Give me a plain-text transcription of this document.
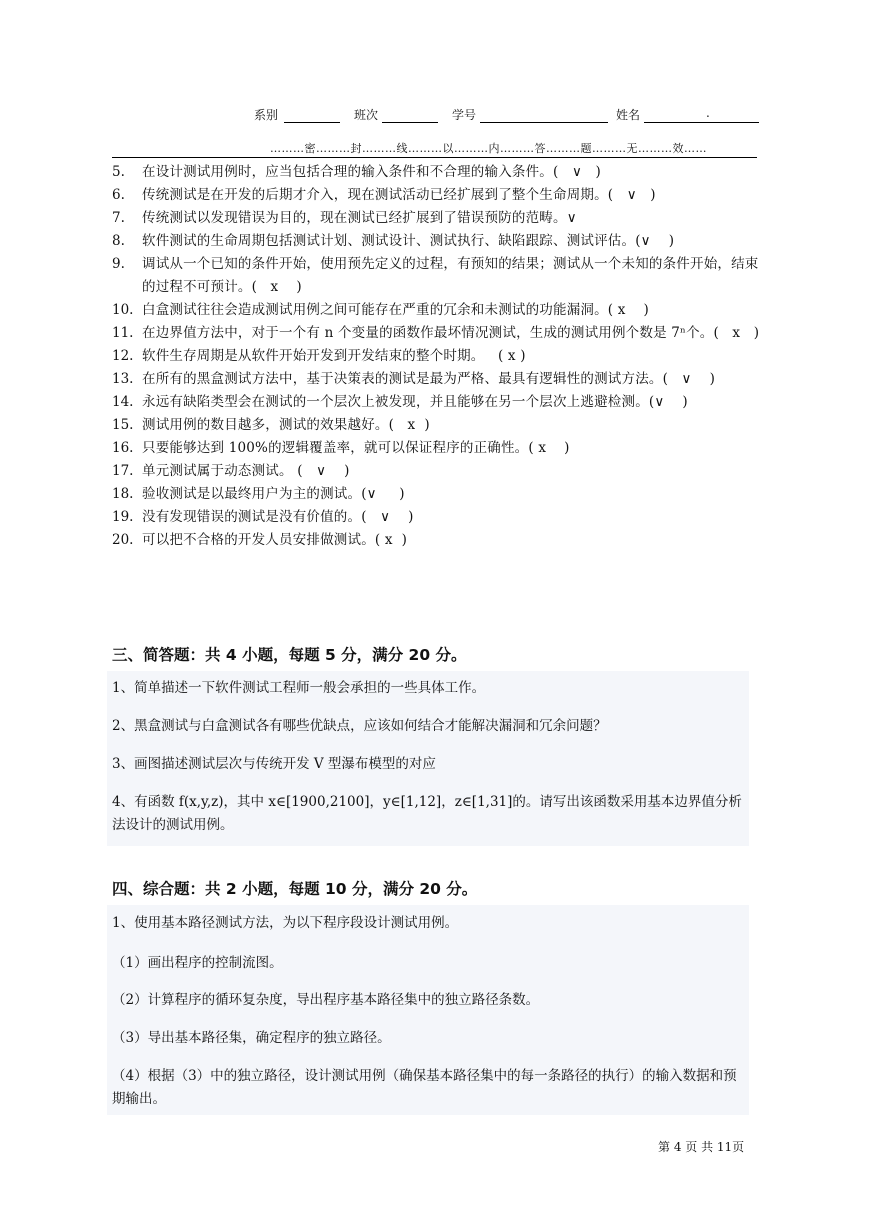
系别	班次	学号	姓名	.
………密………封………线………以………内………答………题………无………效……
5.	在设计测试用例时，应当包括合理的输入条件和不合理的输入条件。(   ∨   )
6.	传统测试是在开发的后期才介入，现在测试活动已经扩展到了整个生命周期。(   ∨   )
7.	传统测试以发现错误为目的，现在测试已经扩展到了错误预防的范畴。∨
8.	软件测试的生命周期包括测试计划、测试设计、测试执行、缺陷跟踪、测试评估。(∨    )
9.	调试从一个已知的条件开始，使用预先定义的过程，有预知的结果；测试从一个未知的条件开始，结束的过程不可预计。(   x    )
10. 白盒测试往往会造成测试用例之间可能存在严重的冗余和未测试的功能漏洞。( x    )
11. 在边界值方法中，对于一个有 n 个变量的函数作最坏情况测试，生成的测试用例个数是 7ⁿ个。(   x   )
12. 软件生存周期是从软件开始开发到开发结束的整个时期。   ( x )
13. 在所有的黑盒测试方法中，基于决策表的测试是最为严格、最具有逻辑性的测试方法。(   ∨    )
14. 永远有缺陷类型会在测试的一个层次上被发现，并且能够在另一个层次上逃避检测。(∨    )
15. 测试用例的数目越多，测试的效果越好。(   x  )
16. 只要能够达到 100%的逻辑覆盖率，就可以保证程序的正确性。( x    )
17. 单元测试属于动态测试。 (   ∨    )
18. 验收测试是以最终用户为主的测试。(∨     )
19. 没有发现错误的测试是没有价值的。(   ∨    )
20. 可以把不合格的开发人员安排做测试。( x  )
三、简答题：共 4 小题，每题 5 分，满分 20 分。
1、简单描述一下软件测试工程师一般会承担的一些具体工作。
2、黑盒测试与白盒测试各有哪些优缺点，应该如何结合才能解决漏洞和冗余问题？
3、画图描述测试层次与传统开发 V 型瀑布模型的对应
4、有函数 f(x,y,z)，其中 x∈[1900,2100]，y∈[1,12]，z∈[1,31]的。请写出该函数采用基本边界值分析法设计的测试用例。
四、综合题：共 2 小题，每题 10 分，满分 20 分。
1、使用基本路径测试方法，为以下程序段设计测试用例。
（1）画出程序的控制流图。
（2）计算程序的循环复杂度，导出程序基本路径集中的独立路径条数。
（3）导出基本路径集，确定程序的独立路径。
（4）根据（3）中的独立路径，设计测试用例（确保基本路径集中的每一条路径的执行）的输入数据和预期输出。
第 4 页 共 11页
